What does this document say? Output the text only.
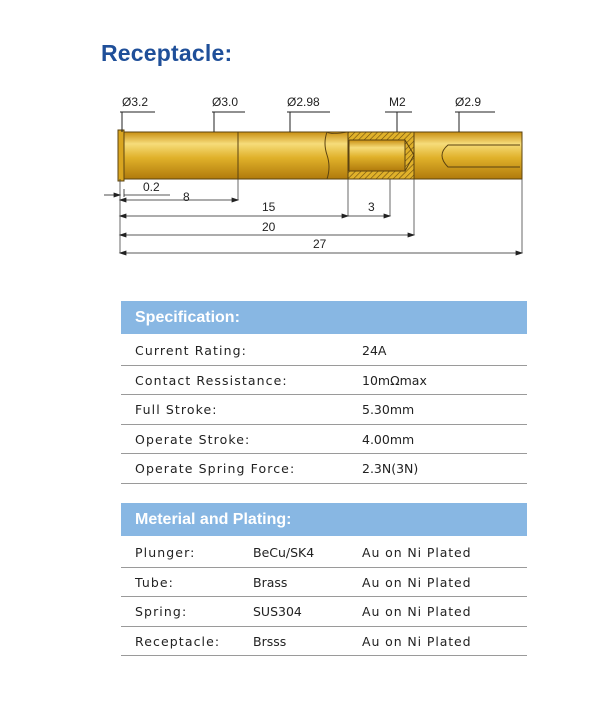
Receptacle:
Ø3.2	Ø3.0	Ø2.98	M2	Ø2.9
0.2
8
15	3
20
27
Specification:
Current Rating:	24A
Contact Ressistance:	10mΩmax
Full Stroke:	5.30mm
Operate Stroke:	4.00mm
Operate Spring Force:	2.3N(3N)
Meterial and Plating:
Plunger:	BeCu/SK4	Au on Ni Plated
Tube:	Brass	Au on Ni Plated
Spring:	SUS304	Au on Ni Plated
Receptacle:	Brsss	Au on Ni Plated
